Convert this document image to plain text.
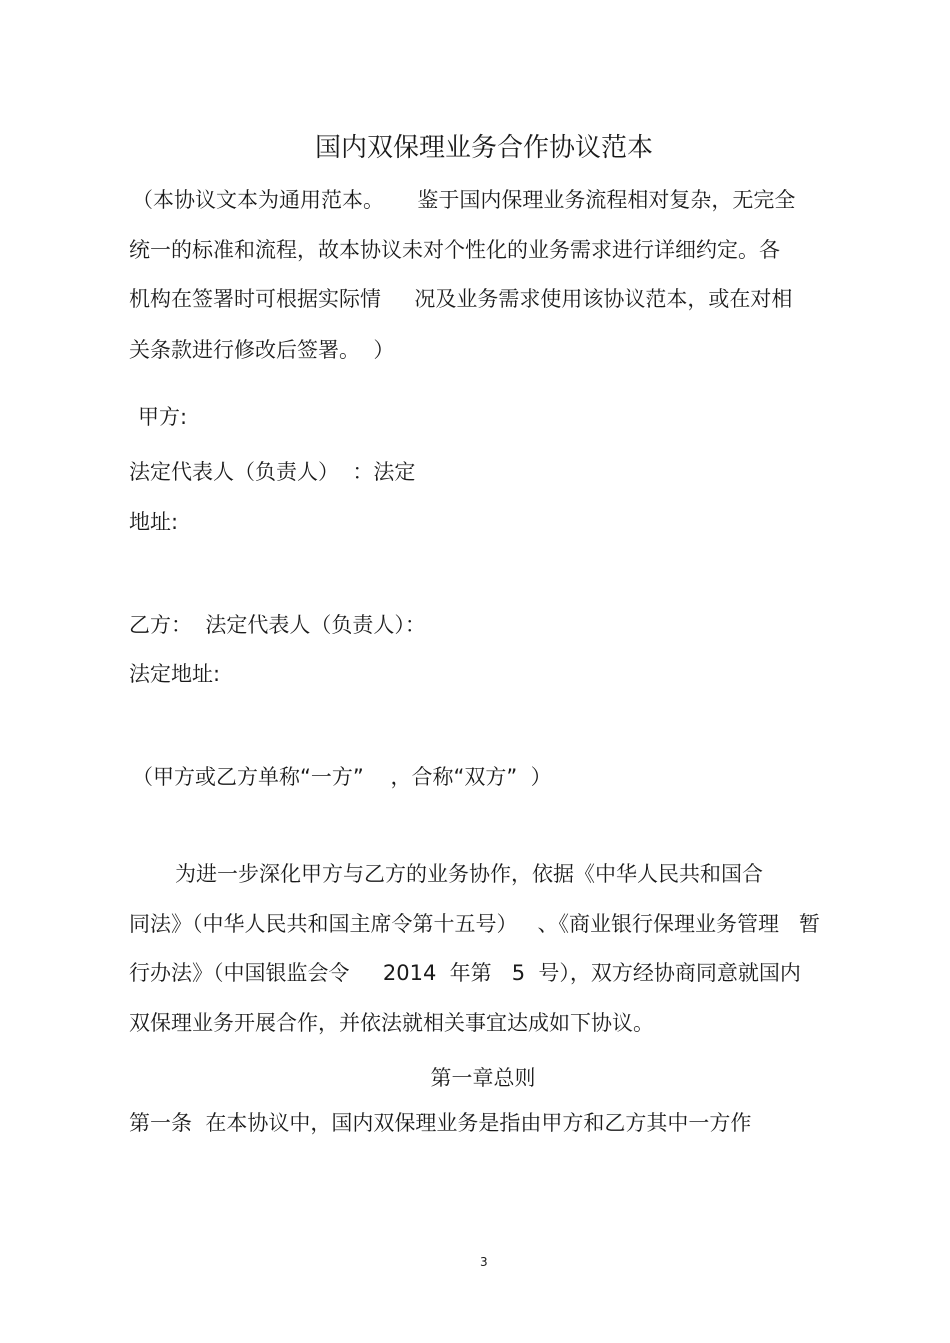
国内双保理业务合作协议范本
（本协议文本为通用范本。     鉴于国内保理业务流程相对复杂，无完全
统一的标准和流程，故本协议未对个性化的业务需求进行详细约定。各
机构在签署时可根据实际情     况及业务需求使用该协议范本，或在对相
关条款进行修改后签署。  ）
甲方:
法定代表人（负责人）  ：法定
地址:
乙方：  法定代表人（负责人）：
法定地址:
（甲方或乙方单称“一方”    ，合称“双方”  ）
为进一步深化甲方与乙方的业务协作，依据《中华人民共和国合
同法》（中华人民共和国主席令第十五号）   、《商业银行保理业务管理   暂
行办法》（中国银监会令     2014  年第   5  号），双方经协商同意就国内
双保理业务开展合作，并依法就相关事宜达成如下协议。
第一章总则
第一条  在本协议中，国内双保理业务是指由甲方和乙方其中一方作
3
